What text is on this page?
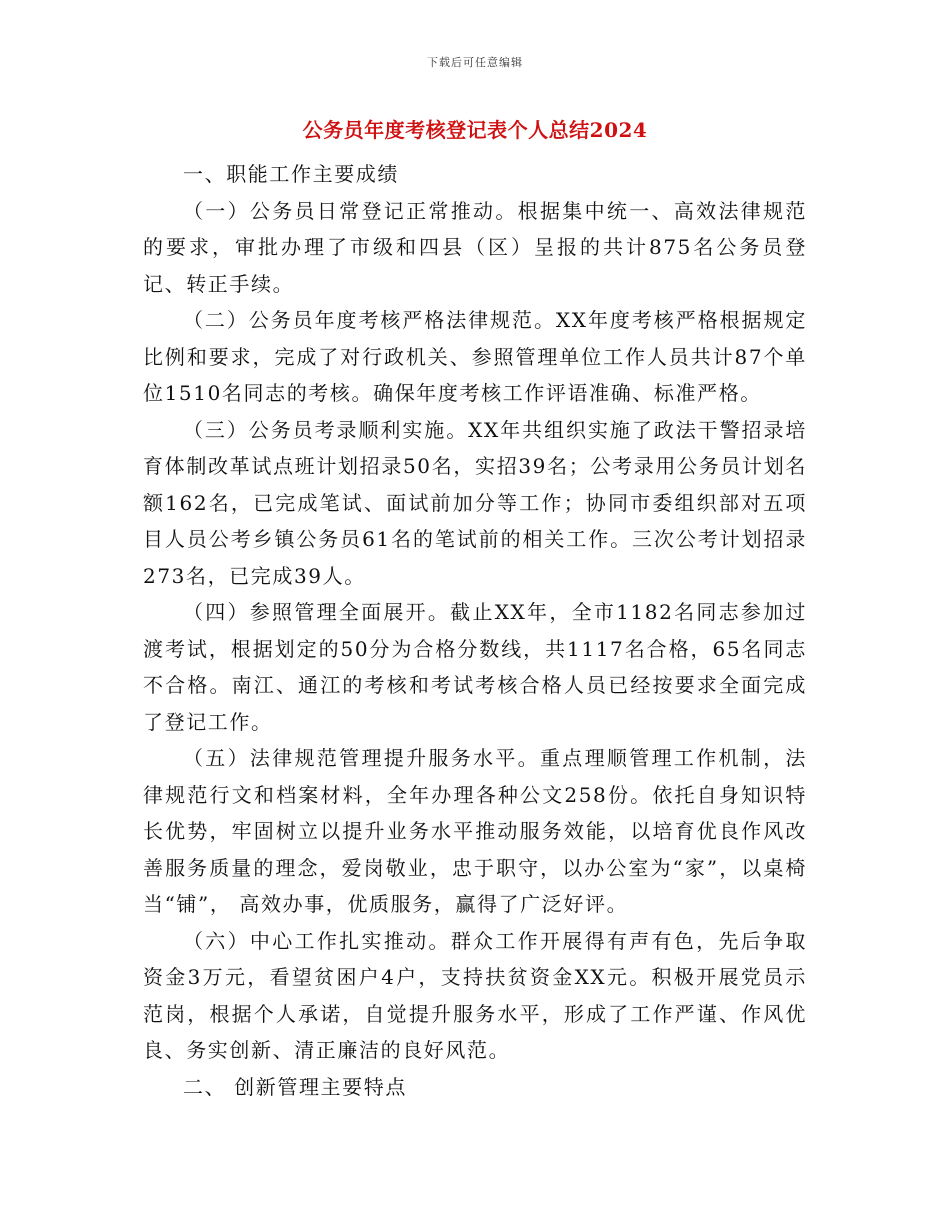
下载后可任意编辑
公务员年度考核登记表个人总结2024

一、职能工作主要成绩

（一）公务员日常登记正常推动。根据集中统一、高效法律规范的要求，审批办理了市级和四县（区）呈报的共计875名公务员登记、转正手续。

（二）公务员年度考核严格法律规范。XX年度考核严格根据规定比例和要求，完成了对行政机关、参照管理单位工作人员共计87个单位1510名同志的考核。确保年度考核工作评语准确、标准严格。

（三）公务员考录顺利实施。XX年共组织实施了政法干警招录培育体制改革试点班计划招录50名，实招39名；公考录用公务员计划名额162名，已完成笔试、面试前加分等工作；协同市委组织部对五项目人员公考乡镇公务员61名的笔试前的相关工作。三次公考计划招录273名，已完成39人。

（四）参照管理全面展开。截止XX年，全市1182名同志参加过渡考试，根据划定的50分为合格分数线，共1117名合格，65名同志不合格。南江、通江的考核和考试考核合格人员已经按要求全面完成了登记工作。

（五）法律规范管理提升服务水平。重点理顺管理工作机制，法律规范行文和档案材料，全年办理各种公文258份。依托自身知识特长优势，牢固树立以提升业务水平推动服务效能，以培育优良作风改善服务质量的理念，爱岗敬业，忠于职守，以办公室为“家”，以桌椅当“铺”， 高效办事，优质服务，赢得了广泛好评。

（六）中心工作扎实推动。群众工作开展得有声有色，先后争取资金3万元，看望贫困户4户，支持扶贫资金XX元。积极开展党员示范岗，根据个人承诺，自觉提升服务水平，形成了工作严谨、作风优良、务实创新、清正廉洁的良好风范。

二、 创新管理主要特点
